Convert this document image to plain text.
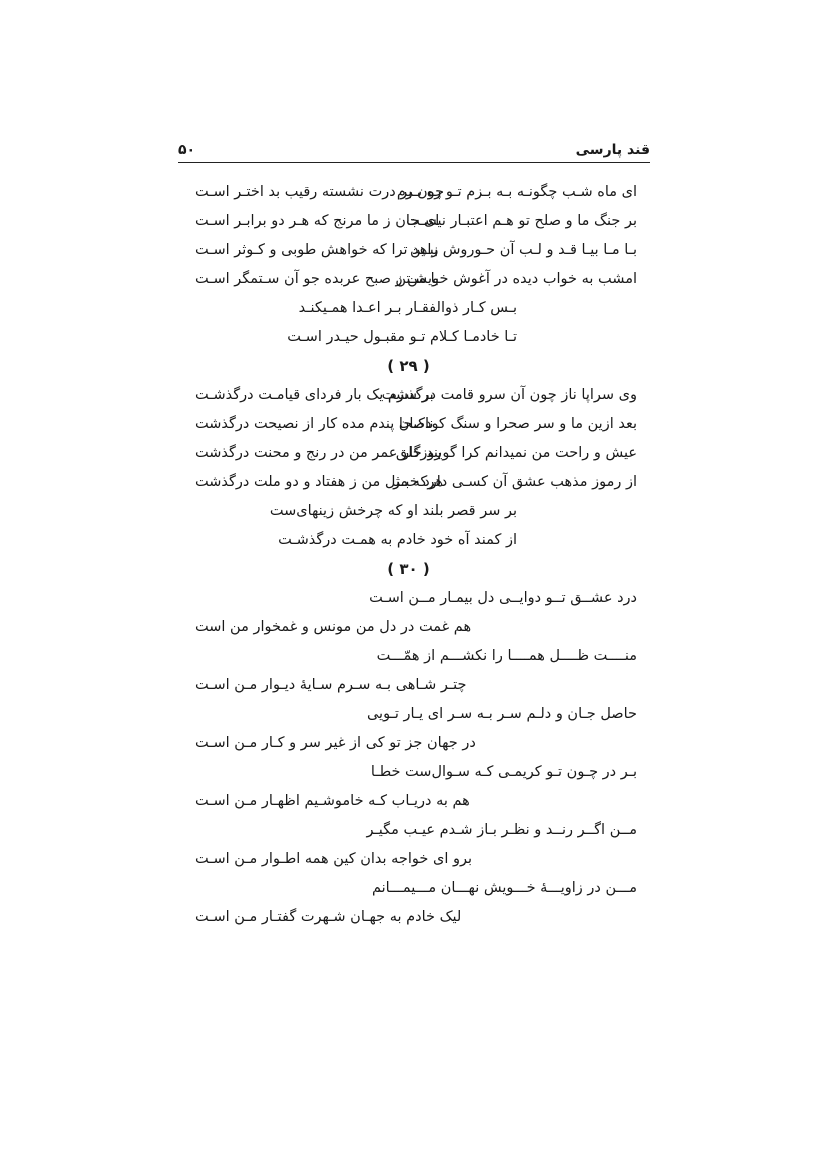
قند پارسی
۵۰
ای ماه شـب چگونـه بـه بـزم تـو ره بـرم
چون بر درت نشسته رقیب بد اختـر اسـت
بر جنگ ما و صلح تو هـم اعتبـار نیسـت
ای جان ز ما مرنج که هـر دو برابـر اسـت
بـا مـا بیـا قـد و لـب آن حـوروش ببـین
زاهد ترا که خواهش طوبی و کـوثر اسـت
امشب به خواب دیده در آغوش خویشـتن
با من ز صبح عربده جو آن سـتمگر اسـت
بـس کـار ذوالفقـار بـر اعـدا همـیکنـد
تـا خادمـا کـلام تـو مقبـول حیـدر اسـت
( ۲۹ )
وی سراپا ناز چون آن سرو قامت درگذشت
بر سرم یک بار فردای قیامـت درگذشـت
بعد ازین ما و سر صحرا و سنگ کودکـان
ناصحا پندم مده کار از نصیحت درگذشت
عیش و راحت من نمیدانم کرا گویند خلق
روزگار عمر من در رنج و محنت درگذشت
از رموز مذهب عشق آن کسـی دارد خبـر
هرکه مثل من ز هفتاد و دو ملت درگذشت
بر سر قصر بلند او که چرخش زینهای‌ست
از کمند آه خود خادم به همـت درگذشـت
( ۳۰ )
درد عشــق تــو دوایــی دل بیمـار مــن اسـت
هم غمت در دل من مونس و غمخوار من است
منــــت ظــــل همــــا را نکشـــم از همّـــت
چتـر شـاهی بـه سـرم سـایهٔ دیـوار مـن اسـت
حاصل جـان و دلـم سـر بـه سـر ای یـار تـویی
در جهان جز تو کی از غیر سر و کـار مـن اسـت
بـر در چـون تـو کریمـی کـه سـوال‌ست خطـا
هم به دریـاب کـه خاموشـیم اظهـار مـن اسـت
مــن اگــر رنــد و نظـر بـاز شـدم عیـب مگیـر
برو ای خواجه بدان کین همه اطـوار مـن اسـت
مـــن در زاویـــهٔ خـــویش نهـــان مـــیمـــانم
لیک خادم به جهـان شـهرت گفتـار مـن اسـت
